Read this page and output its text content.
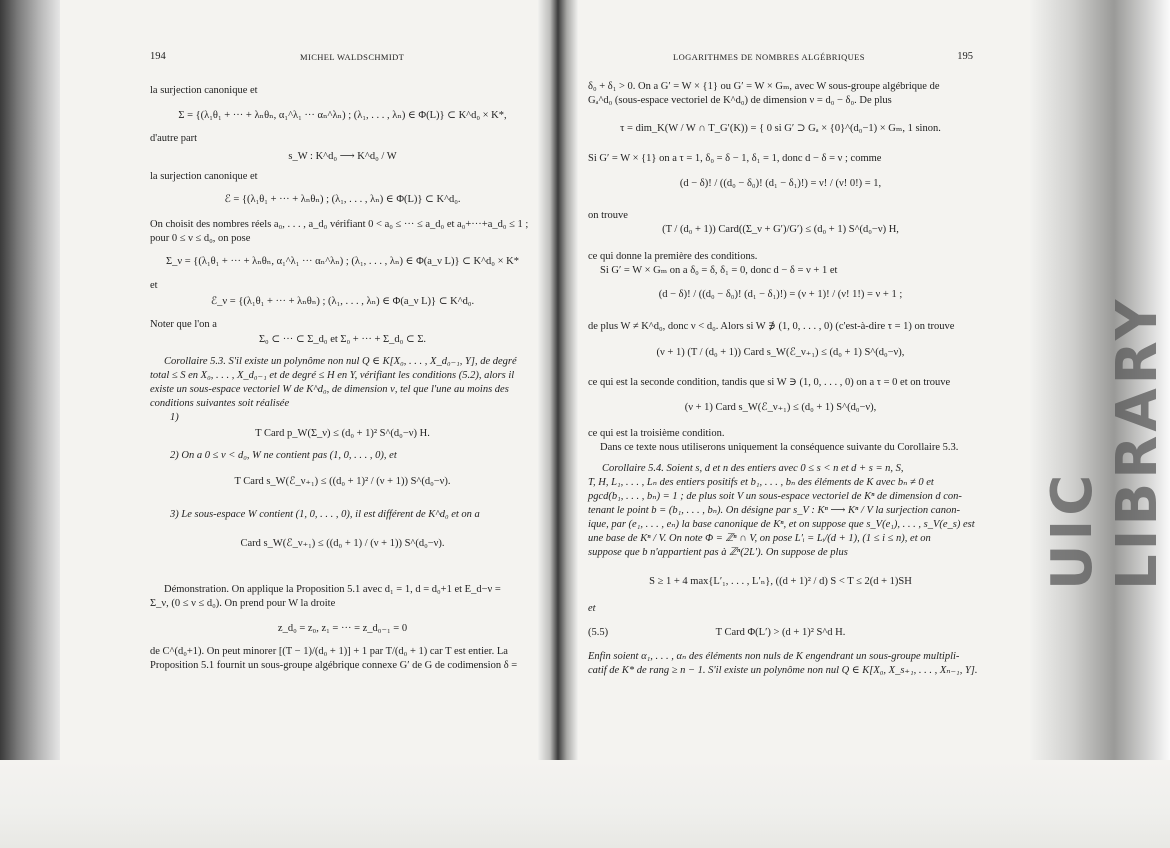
UIC LIBRARY
194	MICHEL WALDSCHMIDT
la surjection canonique et
Σ = {(λ₁θ₁ + ··· + λₙθₙ, α₁^λ₁ ··· αₙ^λₙ) ; (λ₁, . . . , λₙ) ∈ Φ(L)} ⊂ K^d₀ × K*,
d'autre part
s_W : K^d₀ ⟶ K^d₀ / W
la surjection canonique et
ℰ = {(λ₁θ₁ + ··· + λₙθₙ) ; (λ₁, . . . , λₙ) ∈ Φ(L)} ⊂ K^d₀.
On choisit des nombres réels a₀, . . . , a_d₀ vérifiant 0 < a₀ ≤ ··· ≤ a_d₀ et a₀+···+a_d₀ ≤ 1 ;
pour 0 ≤ ν ≤ d₀, on pose
Σ_ν = {(λ₁θ₁ + ··· + λₙθₙ, α₁^λ₁ ··· αₙ^λₙ) ; (λ₁, . . . , λₙ) ∈ Φ(a_ν L)} ⊂ K^d₀ × K*
et
ℰ_ν = {(λ₁θ₁ + ··· + λₙθₙ) ; (λ₁, . . . , λₙ) ∈ Φ(a_ν L)} ⊂ K^d₀.
Noter que l'on a
Σ₀ ⊂ ··· ⊂ Σ_d₀ et Σ₀ + ··· + Σ_d₀ ⊂ Σ.
Corollaire 5.3. S'il existe un polynôme non nul Q ∈ K[X₀, . . . , X_d₀₋₁, Y], de degré
total ≤ S en X₀, . . . , X_d₀₋₁ et de degré ≤ H en Y, vérifiant les conditions (5.2), alors il
existe un sous-espace vectoriel W de K^d₀, de dimension ν, tel que l'une au moins des
conditions suivantes soit réalisée
1)
T Card p_W(Σ_ν) ≤ (d₀ + 1)² S^(d₀−ν) H.
2) On a 0 ≤ ν < d₀, W ne contient pas (1, 0, . . . , 0), et
T Card s_W(ℰ_ν₊₁) ≤ ((d₀ + 1)² / (ν + 1)) S^(d₀−ν).
3) Le sous-espace W contient (1, 0, . . . , 0), il est différent de K^d₀ et on a
Card s_W(ℰ_ν₊₁) ≤ ((d₀ + 1) / (ν + 1)) S^(d₀−ν).
Démonstration. On applique la Proposition 5.1 avec d₁ = 1, d = d₀+1 et E_d−ν =
Σ_ν, (0 ≤ ν ≤ d₀). On prend pour W la droite
z_d₀ = z₀, z₁ = ··· = z_d₀₋₁ = 0
de C^(d₀+1). On peut minorer [(T − 1)/(d₀ + 1)] + 1 par T/(d₀ + 1) car T est entier. La
Proposition 5.1 fournit un sous-groupe algébrique connexe G′ de G de codimension δ =
LOGARITHMES DE NOMBRES ALGÉBRIQUES	195
δ₀ + δ₁ > 0. On a G′ = W × {1} ou G′ = W × Gₘ, avec W sous-groupe algébrique de
Gₐ^d₀ (sous-espace vectoriel de K^d₀) de dimension ν = d₀ − δ₀. De plus
τ = dim_K(W / W ∩ T_G′(K)) = { 0 si G′ ⊃ Gₐ × {0}^(d₀−1) × Gₘ, 1 sinon.
Si G′ = W × {1} on a τ = 1, δ₀ = δ − 1, δ₁ = 1, donc d − δ = ν ; comme
(d − δ)! / ((d₀ − δ₀)! (d₁ − δ₁)!) = ν! / (ν! 0!) = 1,
on trouve
(T / (d₀ + 1)) Card((Σ_ν + G′)/G′) ≤ (d₀ + 1) S^(d₀−ν) H,
ce qui donne la première des conditions.
Si G′ = W × Gₘ on a δ₀ = δ, δ₁ = 0, donc d − δ = ν + 1 et
(d − δ)! / ((d₀ − δ₀)! (d₁ − δ₁)!) = (ν + 1)! / (ν! 1!) = ν + 1 ;
de plus W ≠ K^d₀, donc ν < d₀. Alors si W ∌ (1, 0, . . . , 0) (c'est-à-dire τ = 1) on trouve
(ν + 1) (T / (d₀ + 1)) Card s_W(ℰ_ν₊₁) ≤ (d₀ + 1) S^(d₀−ν),
ce qui est la seconde condition, tandis que si W ∋ (1, 0, . . . , 0) on a τ = 0 et on trouve
(ν + 1) Card s_W(ℰ_ν₊₁) ≤ (d₀ + 1) S^(d₀−ν),
ce qui est la troisième condition.
Dans ce texte nous utiliserons uniquement la conséquence suivante du Corollaire 5.3.
Corollaire 5.4. Soient s, d et n des entiers avec 0 ≤ s < n et d + s = n, S,
T, H, L₁, . . . , Lₙ des entiers positifs et b₁, . . . , bₙ des éléments de K avec bₙ ≠ 0 et
pgcd(b₁, . . . , bₙ) = 1 ; de plus soit V un sous-espace vectoriel de Kⁿ de dimension d con-
tenant le point b = (b₁, . . . , bₙ). On désigne par s_V : Kⁿ ⟶ Kⁿ / V la surjection canon-
ique, par (e₁, . . . , eₙ) la base canonique de Kⁿ, et on suppose que s_V(e₁), . . . , s_V(e_s) est
une base de Kⁿ / V. On note Φ = ℤⁿ ∩ V, on pose L′ᵢ = Lᵢ/(d + 1), (1 ≤ i ≤ n), et on
suppose que b n'appartient pas à ℤⁿ(2L′). On suppose de plus
S ≥ 1 + 4 max{L′₁, . . . , L′ₙ}, ((d + 1)² / d) S < T ≤ 2(d + 1)SH
et
(5.5)	T Card Φ(L′) > (d + 1)² S^d H.
Enfin soient α₁, . . . , αₙ des éléments non nuls de K engendrant un sous-groupe multipli-
catif de K* de rang ≥ n − 1. S'il existe un polynôme non nul Q ∈ K[X₀, X_s₊₁, . . . , Xₙ₋₁, Y].
